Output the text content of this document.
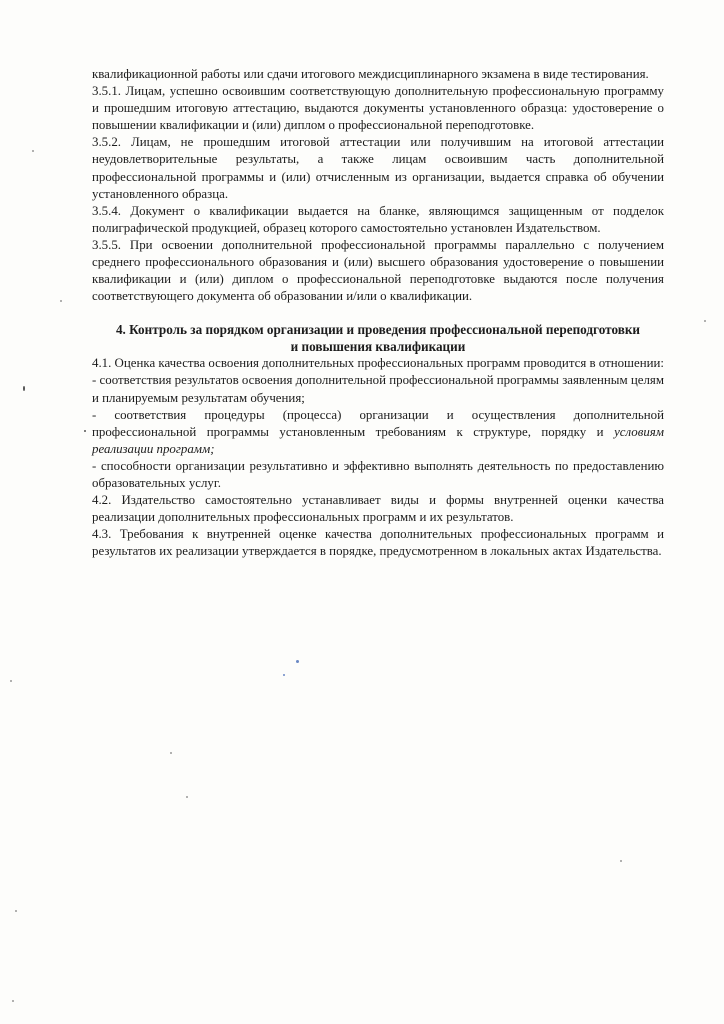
квалификационной работы или сдачи итогового междисциплинарного экзамена в виде тестирования.

3.5.1. Лицам, успешно освоившим соответствующую дополнительную профессиональную программу и прошедшим итоговую аттестацию, выдаются документы установленного образца: удостоверение о повышении квалификации и (или) диплом о профессиональной переподготовке.

3.5.2. Лицам, не прошедшим итоговой аттестации или получившим на итоговой аттестации неудовлетворительные результаты, а также лицам освоившим часть дополнительной профессиональной программы и (или) отчисленным из организации, выдается справка об обучении установленного образца.

3.5.4. Документ о квалификации выдается на бланке, являющимся защищенным от подделок полиграфической продукцией, образец которого самостоятельно установлен Издательством.

3.5.5. При освоении дополнительной профессиональной программы параллельно с получением среднего профессионального образования и (или) высшего образования удостоверение о повышении квалификации и (или) диплом о профессиональной переподготовке выдаются после получения соответствующего документа об образовании и/или о квалификации.

4. Контроль за порядком организации и проведения профессиональной переподготовки и повышения квалификации

4.1. Оценка качества освоения дополнительных профессиональных программ проводится в отношении:

- соответствия результатов освоения дополнительной профессиональной программы заявленным целям и планируемым результатам обучения;

- соответствия процедуры (процесса) организации и осуществления дополнительной профессиональной программы установленным требованиям к структуре, порядку и условиям реализации программ;

- способности организации результативно и эффективно выполнять деятельность по предоставлению образовательных услуг.

4.2. Издательство самостоятельно устанавливает виды и формы внутренней оценки качества реализации дополнительных профессиональных программ и их результатов.

4.3. Требования к внутренней оценке качества дополнительных профессиональных программ и результатов их реализации утверждается в порядке, предусмотренном в локальных актах Издательства.
